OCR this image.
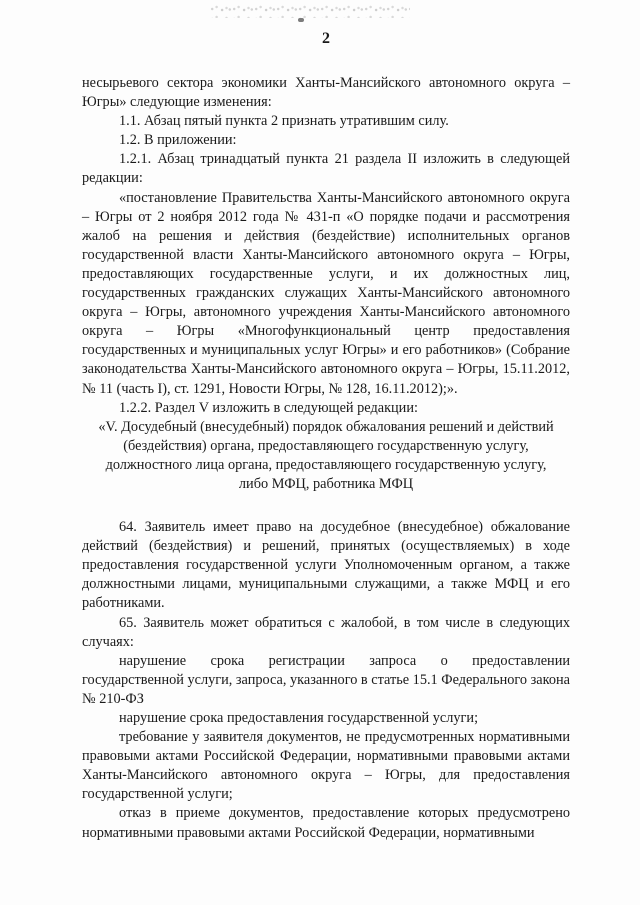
2

несырьевого сектора экономики Ханты-Мансийского автономного округа – Югры» следующие изменения:

1.1. Абзац пятый пункта 2 признать утратившим силу.

1.2. В приложении:

1.2.1. Абзац тринадцатый пункта 21 раздела II изложить в следующей редакции:

«постановление Правительства Ханты-Мансийского автономного округа – Югры от 2 ноября 2012 года № 431-п «О порядке подачи и рассмотрения жалоб на решения и действия (бездействие) исполнительных органов государственной власти Ханты-Мансийского автономного округа – Югры, предоставляющих государственные услуги, и их должностных лиц, государственных гражданских служащих Ханты-Мансийского автономного округа – Югры, автономного учреждения Ханты-Мансийского автономного округа – Югры «Многофункциональный центр предоставления государственных и муниципальных услуг Югры» и его работников» (Собрание законодательства Ханты-Мансийского автономного округа – Югры, 15.11.2012, № 11 (часть I), ст. 1291, Новости Югры, № 128, 16.11.2012);».

1.2.2. Раздел V изложить в следующей редакции:

«V. Досудебный (внесудебный) порядок обжалования решений и действий (бездействия) органа, предоставляющего государственную услугу, должностного лица органа, предоставляющего государственную услугу, либо МФЦ, работника МФЦ

64. Заявитель имеет право на досудебное (внесудебное) обжалование действий (бездействия) и решений, принятых (осуществляемых) в ходе предоставления государственной услуги Уполномоченным органом, а также должностными лицами, муниципальными служащими, а также МФЦ и его работниками.

65. Заявитель может обратиться с жалобой, в том числе в следующих случаях:

нарушение срока регистрации запроса о предоставлении государственной услуги, запроса, указанного в статье 15.1 Федерального закона № 210-ФЗ

нарушение срока предоставления государственной услуги;

требование у заявителя документов, не предусмотренных нормативными правовыми актами Российской Федерации, нормативными правовыми актами Ханты-Мансийского автономного округа – Югры, для предоставления государственной услуги;

отказ в приеме документов, предоставление которых предусмотрено нормативными правовыми актами Российской Федерации, нормативными
